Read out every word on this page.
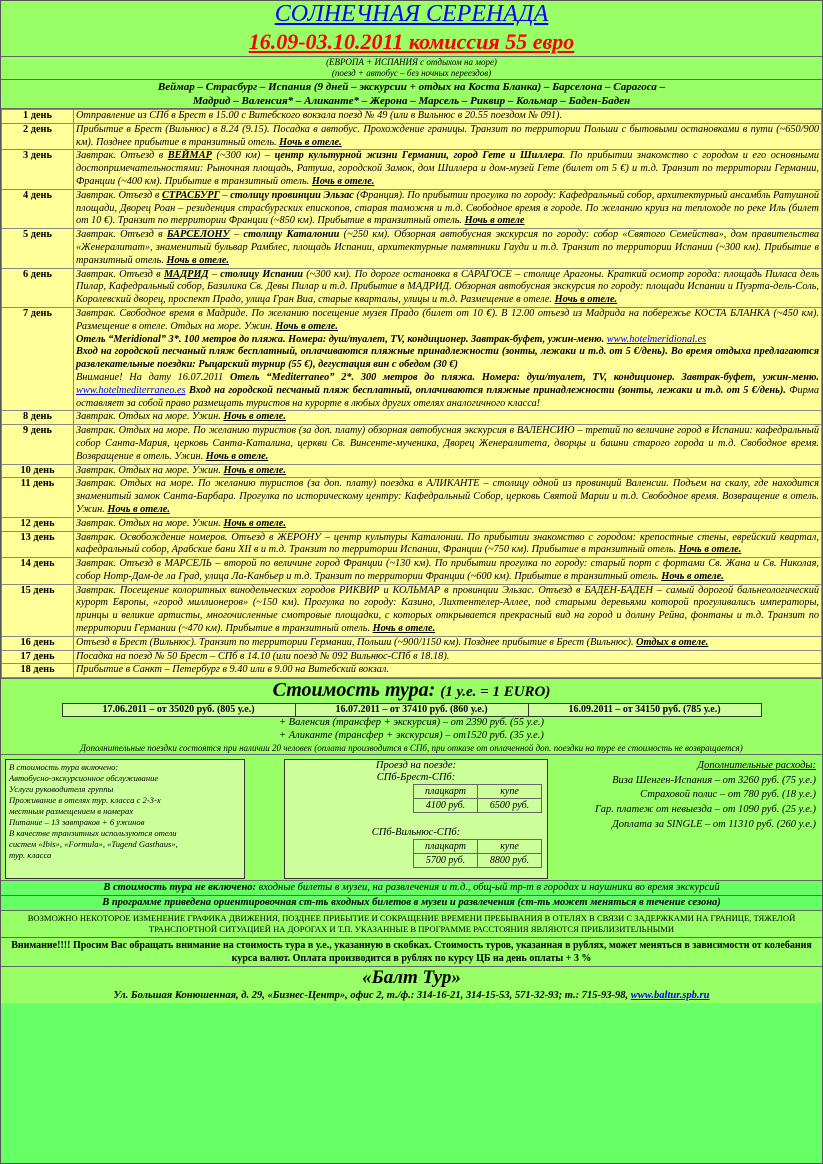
СОЛНЕЧНАЯ СЕРЕНАДА
16.09-03.10.2011 комиссия 55 евро
(ЕВРОПА + ИСПАНИЯ с отдыхом на море)
(поезд + автобус – без ночных переездов)
Веймар – Страсбург – Испания (9 дней – экскурсии + отдых на Коста Бланка) – Барселона – Сарагоса –
Мадрид – Валенсия* – Аликанте* – Жерона – Марсель – Риквир – Кольмар – Баден-Баден
1 день	Отправление из СПб в Брест в 15.00 с Витебского вокзала поезд № 49 (или в Вильнюс в 20.55 поездом № 091).
2 день	Прибытие в Брест (Вильнюс) в 8.24 (9.15). Посадка в автобус. Прохождение границы. Транзит по территории Польши с бытовыми остановками в пути (~650/900 км). Позднее прибытие в транзитный отель. Ночь в отеле.
3 день	Завтрак. Отъезд в ВЕЙМАР (~300 км) – центр культурной жизни Германии, город Гете и Шиллера. По прибытии знакомство с городом и его основными достопримечательностями: Рыночная площадь, Ратуша, городской Замок, дом Шиллера и дом-музей Гете (билет от 5 €) и т.д. Транзит по территории Германии, Франции (~400 км). Прибытие в транзитный отель. Ночь в отеле.
4 день	Завтрак. Отъезд в СТРАСБУРГ – столицу провинции Эльзас (Франция). По прибытии прогулка по городу: Кафедральный собор, архитектурный ансамбль Ратушной площади, Дворец Роан – резиденция страсбургских епископов, старая таможня и т.д. Свободное время в городе. По желанию круиз на теплоходе по реке Иль (билет от 10 €). Транзит по территории Франции (~850 км). Прибытие в транзитный отель. Ночь в отеле
5 день	Завтрак. Отъезд в БАРСЕЛОНУ – столицу Каталонии (~250 км). Обзорная автобусная экскурсия по городу: собор «Святого Семейства», дом правительства «Женералитат», знаменитый бульвар Рамблес, площадь Испании, архитектурные памятники Гауди и т.д. Транзит по территории Испании (~300 км). Прибытие в транзитный отель. Ночь в отеле.
6 день	Завтрак. Отъезд в МАДРИД – столицу Испании (~300 км). По дороге остановка в САРАГОСЕ – столице Арагоны. Краткий осмотр города: площадь Пиласа дель Пилар, Кафедральный собор, Базилика Св. Девы Пилар и т.д. Прибытие в МАДРИД. Обзорная автобусная экскурсия по городу: площади Испании и Пуэрта-дель-Соль, Королевский дворец, проспект Прадо, улица Гран Виа, старые кварталы, улицы и т.д. Размещение в отеле. Ночь в отеле.
7 день	Завтрак. Свободное время в Мадриде. По желанию посещение музея Прадо (билет от 10 €). В 12.00 отъезд из Мадрида на побережье КОСТА БЛАНКА (~450 км). Размещение в отеле. Отдых на море. Ужин. Ночь в отеле.
Отель “Meridional” 3*. 100 метров до пляжа. Номера: душ/туалет, TV, кондиционер. Завтрак-буфет, ужин-меню. www.hotelmeridional.es
Вход на городской песчаный пляж бесплатный, оплачиваются пляжные принадлежности (зонты, лежаки и т.д. от 5 €/день). Во время отдыха предлагаются развлекательные поездки: Рыцарский турнир (55 €), дегустация вин с обедом (30 €)
Внимание! На дату 16.07.2011 Отель “Mediterraneo” 2*. 300 метров до пляжа. Номера: душ/туалет, TV, кондиционер. Завтрак-буфет, ужин-меню. www.hotelmediterraneo.es Вход на городской песчаный пляж бесплатный, оплачиваются пляжные принадлежности (зонты, лежаки и т.д. от 5 €/день). Фирма оставляет за собой право размещать туристов на курорте в любых других отелях аналогичного класса!
8 день	Завтрак. Отдых на море. Ужин. Ночь в отеле.
9 день	Завтрак. Отдых на море. По желанию туристов (за доп. плату) обзорная автобусная экскурсия в ВАЛЕНСИЮ – третий по величине город в Испании: кафедральный собор Санта-Мария, церковь Санта-Каталина, церкви Св. Винсенте-мученика, Дворец Женералитета, дворцы и башни старого города и т.д. Свободное время. Возвращение в отель. Ужин. Ночь в отеле.
10 день	Завтрак. Отдых на море. Ужин. Ночь в отеле.
11 день	Завтрак. Отдых на море. По желанию туристов (за доп. плату) поездка в АЛИКАНТЕ – столицу одной из провинций Валенсии. Подъем на скалу, где находится знаменитый замок Санта-Барбара. Прогулка по историческому центру: Кафедральный Собор, церковь Святой Марии и т.д. Свободное время. Возвращение в отель. Ужин. Ночь в отеле.
12 день	Завтрак. Отдых на море. Ужин. Ночь в отеле.
13 день	Завтрак. Освобождение номеров. Отъезд в ЖЕРОНУ – центр культуры Каталонии. По прибытии знакомство с городом: крепостные стены, еврейский квартал, кафедральный собор, Арабские бани XII в и т.д. Транзит по территории Испании, Франции (~750 км). Прибытие в транзитный отель. Ночь в отеле.
14 день	Завтрак. Отъезд в МАРСЕЛЬ – второй по величине город Франции (~130 км). По прибытии прогулка по городу: старый порт с фортами Св. Жана и Св. Николая, собор Нотр-Дам-де ла Град, улица Ла-Канбьер и т.д. Транзит по территории Франции (~600 км). Прибытие в транзитный отель. Ночь в отеле.
15 день	Завтрак. Посещение колоритных винодельческих городов РИКВИР и КОЛЬМАР в провинции Эльзас. Отъезд в БАДЕН-БАДЕН – самый дорогой бальнеологический курорт Европы, «город миллионеров» (~150 км). Прогулка по городу: Казино, Лихтентелер-Аллее, под старыми деревьями которой прогуливались императоры, принцы и великие артисты, многочисленные смотровые площадки, с которых открывается прекрасный вид на город и долину Рейна, фонтаны и т.д. Транзит по территории Германии (~470 км). Прибытие в транзитный отель. Ночь в отеле.
16 день	Отъезд в Брест (Вильнюс). Транзит по территории Германии, Польши (~900/1150 км). Позднее прибытие в Брест (Вильнюс). Отдых в отеле.
17 день	Посадка на поезд № 50 Брест – СПб в 14.10 (или поезд № 092 Вильнюс-СПб в 18.18).
18 день	Прибытие в Санкт – Петербург в 9.40 или в 9.00 на Витебский вокзал.
Стоимость тура: (1 у.е. = 1 EURO)
17.06.2011 – от 35020 руб. (805 у.е.)	16.07.2011 – от 37410 руб. (860 у.е.)	16.09.2011 – от 34150 руб. (785 у.е.)
+ Валенсия (трансфер + экскурсия) – от 2390 руб. (55 у.е.)
+ Аликанте (трансфер + экскурсия) – от1520 руб. (35 у.е.)
Дополнительные поездки состоятся при наличии 20 человек (оплата производится в СПб, при отказе от оплаченной доп. поездки на туре ее стоимость не возвращается)
В стоимость тура включено:
Автобусно-экскурсионное обслуживание
Услуги руководителя группы
Проживание в отелях тур. класса с 2-3-х
местным размещением в номерах
Питание – 13 завтраков + 6 ужинов
В качестве транзитных используются отели
систем «Ibis», «Formula», «Tugend Gasthaus»,
тур. класса
Проезд на поезде:
СПб-Брест-СПб:
плацкарт	купе
4100 руб.	6500 руб.
СПб-Вильнюс-СПб:
плацкарт	купе
5700 руб.	8800 руб.
Дополнительные расходы:
Виза Шенген-Испания – от 3260 руб. (75 у.е.)
Страховой полис – от 780 руб. (18 у.е.)
Гар. платеж от невыезда – от 1090 руб. (25 у.е.)
Доплата за SINGLE – от 11310 руб. (260 у.е.)
В стоимость тура не включено: входные билеты в музеи, на развлечения и т.д., общ-ый тр-т в городах и наушники во время экскурсий
В программе приведена ориентировочная ст-ть входных билетов в музеи и развлечения (ст-ть может меняться в течение сезона)
ВОЗМОЖНО НЕКОТОРОЕ ИЗМЕНЕНИЕ ГРАФИКА ДВИЖЕНИЯ, ПОЗДНЕЕ ПРИБЫТИЕ И СОКРАЩЕНИЕ ВРЕМЕНИ ПРЕБЫВАНИЯ В ОТЕЛЯХ В СВЯЗИ С ЗАДЕРЖКАМИ НА ГРАНИЦЕ, ТЯЖЕЛОЙ ТРАНСПОРТНОЙ СИТУАЦИЕЙ НА ДОРОГАХ И Т.П. УКАЗАННЫЕ В ПРОГРАММЕ РАССТОЯНИЯ ЯВЛЯЮТСЯ ПРИБЛИЗИТЕЛЬНЫМИ
Внимание!!!! Просим Вас обращать внимание на стоимость тура в у.е., указанную в скобках. Стоимость туров, указанная в рублях, может меняться в зависимости от колебания курса валют. Оплата производится в рублях по курсу ЦБ на день оплаты + 3 %
«Балт Тур»
Ул. Большая Конюшенная, д. 29, «Бизнес-Центр», офис 2, т./ф.: 314-16-21, 314-15-53, 571-32-93; т.: 715-93-98, www.baltur.spb.ru
